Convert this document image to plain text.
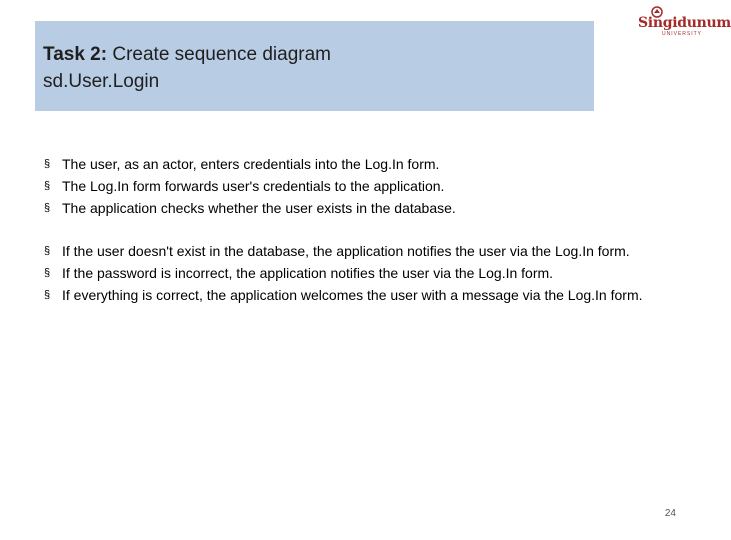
Task 2: Create sequence diagram
sd.User.Login
Singidunum
UNIVERSITY
§ The user, as an actor, enters credentials into the Log.In form.
§ The Log.In form forwards user's credentials to the application.
§ The application checks whether the user exists in the database.
§ If the user doesn't exist in the database, the application notifies the user via the Log.In form.
§ If the password is incorrect, the application notifies the user via the Log.In form.
§ If everything is correct, the application welcomes the user with a message via the Log.In form.
24
